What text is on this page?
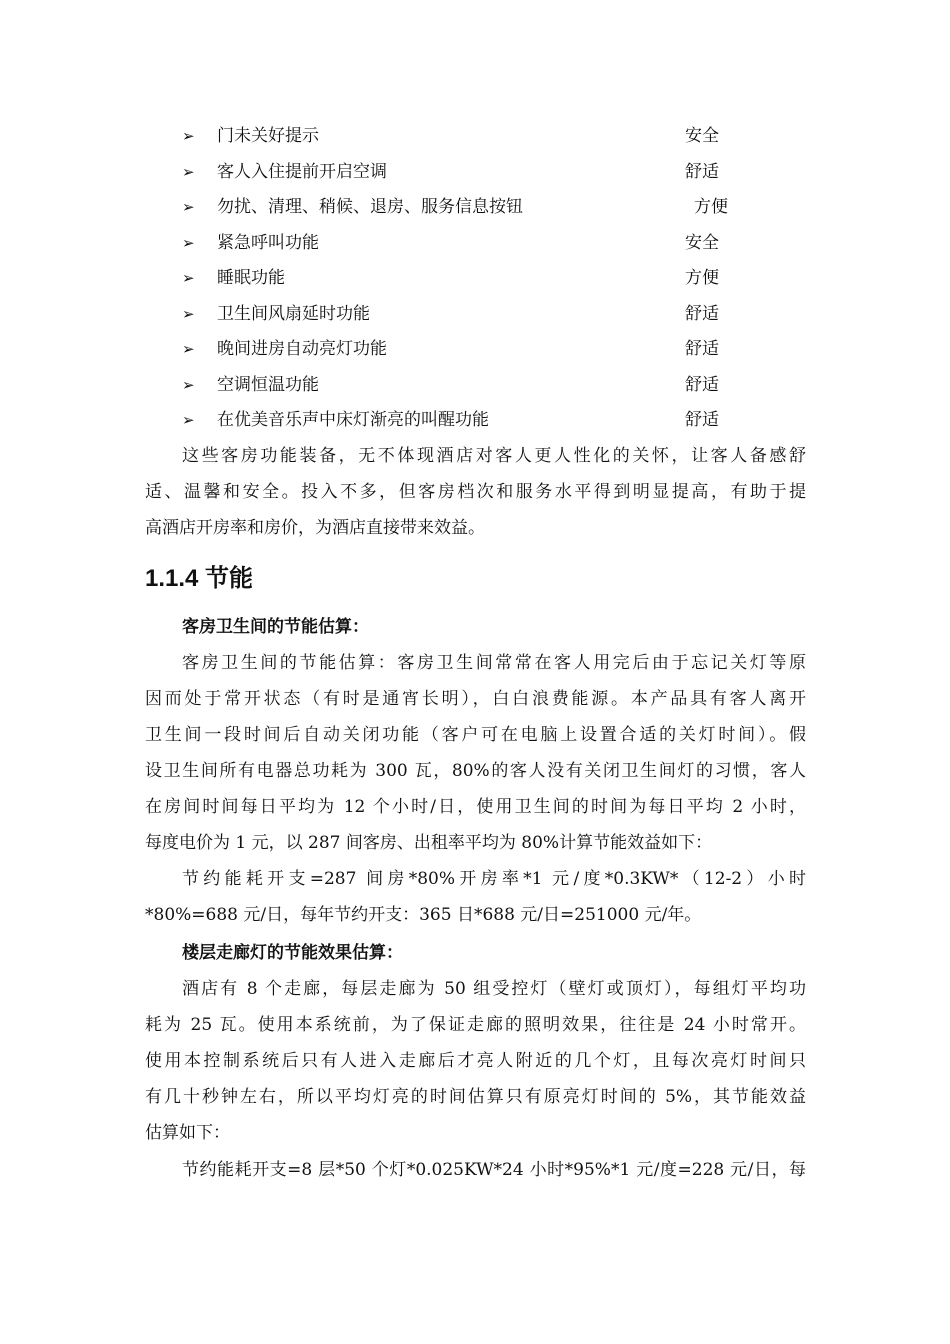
➢ 门未关好提示	安全
➢ 客人入住提前开启空调	舒适
➢ 勿扰、清理、稍候、退房、服务信息按钮	方便
➢ 紧急呼叫功能	安全
➢ 睡眠功能	方便
➢ 卫生间风扇延时功能	舒适
➢ 晚间进房自动亮灯功能	舒适
➢ 空调恒温功能	舒适
➢ 在优美音乐声中床灯渐亮的叫醒功能	舒适
这些客房功能装备，无不体现酒店对客人更人性化的关怀，让客人备感舒
适、温馨和安全。投入不多，但客房档次和服务水平得到明显提高，有助于提
高酒店开房率和房价，为酒店直接带来效益。
1.1.4 节能
客房卫生间的节能估算：
客房卫生间的节能估算：客房卫生间常常在客人用完后由于忘记关灯等原
因而处于常开状态（有时是通宵长明），白白浪费能源。本产品具有客人离开
卫生间一段时间后自动关闭功能（客户可在电脑上设置合适的关灯时间）。假
设卫生间所有电器总功耗为 300 瓦，80%的客人没有关闭卫生间灯的习惯，客人
在房间时间每日平均为 12 个小时/日，使用卫生间的时间为每日平均 2 小时，
每度电价为 1 元，以 287 间客房、出租率平均为 80%计算节能效益如下：
节约能耗开支=287 间房*80%开房率*1 元/度*0.3KW*（12-2）小时
*80%=688 元/日，每年节约开支：365 日*688 元/日=251000 元/年。
楼层走廊灯的节能效果估算：
酒店有 8 个走廊，每层走廊为 50 组受控灯（壁灯或顶灯），每组灯平均功
耗为 25 瓦。使用本系统前，为了保证走廊的照明效果，往往是 24 小时常开。
使用本控制系统后只有人进入走廊后才亮人附近的几个灯，且每次亮灯时间只
有几十秒钟左右，所以平均灯亮的时间估算只有原亮灯时间的 5%，其节能效益
估算如下：
节约能耗开支=8 层*50 个灯*0.025KW*24 小时*95%*1 元/度=228 元/日，每
